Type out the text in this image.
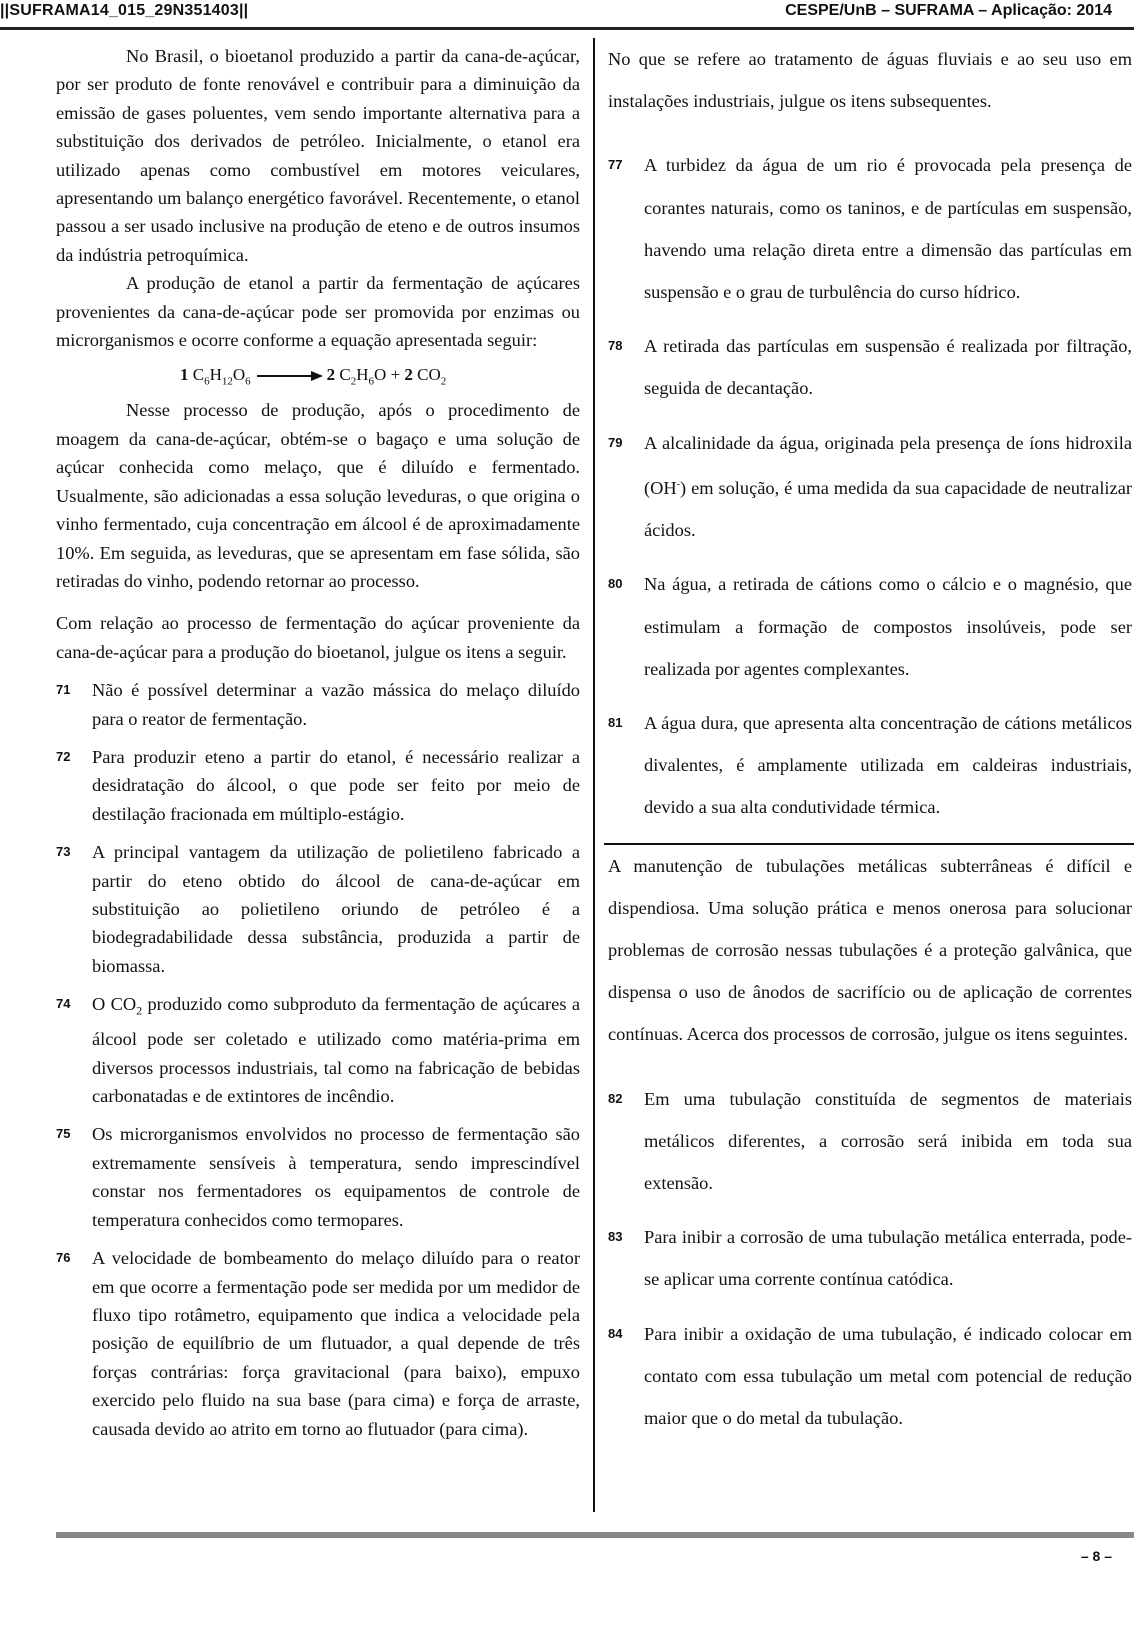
||SUFRAMA14_015_29N351403||	CESPE/UnB – SUFRAMA – Aplicação: 2014

No Brasil, o bioetanol produzido a partir da cana-de-açúcar, por ser produto de fonte renovável e contribuir para a diminuição da emissão de gases poluentes, vem sendo importante alternativa para a substituição dos derivados de petróleo. Inicialmente, o etanol era utilizado apenas como combustível em motores veiculares, apresentando um balanço energético favorável. Recentemente, o etanol passou a ser usado inclusive na produção de eteno e de outros insumos da indústria petroquímica.

A produção de etanol a partir da fermentação de açúcares provenientes da cana-de-açúcar pode ser promovida por enzimas ou microrganismos e ocorre conforme a equação apresentada seguir:

1 $C_6H_{12}O_6 \to 2$ $C_2H_6O + 2$ $CO_2$

Nesse processo de produção, após o procedimento de moagem da cana-de-açúcar, obtém-se o bagaço e uma solução de açúcar conhecida como melaço, que é diluído e fermentado. Usualmente, são adicionadas a essa solução leveduras, o que origina o vinho fermentado, cuja concentração em álcool é de aproximadamente 10%. Em seguida, as leveduras, que se apresentam em fase sólida, são retiradas do vinho, podendo retornar ao processo.

Com relação ao processo de fermentação do açúcar proveniente da cana-de-açúcar para a produção do bioetanol, julgue os itens a seguir.

71 Não é possível determinar a vazão mássica do melaço diluído para o reator de fermentação.
72 Para produzir eteno a partir do etanol, é necessário realizar a desidratação do álcool, o que pode ser feito por meio de destilação fracionada em múltiplo-estágio.
73 A principal vantagem da utilização de polietileno fabricado a partir do eteno obtido do álcool de cana-de-açúcar em substituição ao polietileno oriundo de petróleo é a biodegradabilidade dessa substância, produzida a partir de biomassa.
74 O $CO_2$ produzido como subproduto da fermentação de açúcares a álcool pode ser coletado e utilizado como matéria-prima em diversos processos industriais, tal como na fabricação de bebidas carbonatadas e de extintores de incêndio.
75 Os microrganismos envolvidos no processo de fermentação são extremamente sensíveis à temperatura, sendo imprescindível constar nos fermentadores os equipamentos de controle de temperatura conhecidos como termopares.
76 A velocidade de bombeamento do melaço diluído para o reator em que ocorre a fermentação pode ser medida por um medidor de fluxo tipo rotâmetro, equipamento que indica a velocidade pela posição de equilíbrio de um flutuador, a qual depende de três forças contrárias: força gravitacional (para baixo), empuxo exercido pelo fluido na sua base (para cima) e força de arraste, causada devido ao atrito em torno ao flutuador (para cima).

No que se refere ao tratamento de águas fluviais e ao seu uso em instalações industriais, julgue os itens subsequentes.

77 A turbidez da água de um rio é provocada pela presença de corantes naturais, como os taninos, e de partículas em suspensão, havendo uma relação direta entre a dimensão das partículas em suspensão e o grau de turbulência do curso hídrico.
78 A retirada das partículas em suspensão é realizada por filtração, seguida de decantação.
79 A alcalinidade da água, originada pela presença de íons hidroxila (OH-) em solução, é uma medida da sua capacidade de neutralizar ácidos.
80 Na água, a retirada de cátions como o cálcio e o magnésio, que estimulam a formação de compostos insolúveis, pode ser realizada por agentes complexantes.
81 A água dura, que apresenta alta concentração de cátions metálicos divalentes, é amplamente utilizada em caldeiras industriais, devido a sua alta condutividade térmica.

A manutenção de tubulações metálicas subterrâneas é difícil e dispendiosa. Uma solução prática e menos onerosa para solucionar problemas de corrosão nessas tubulações é a proteção galvânica, que dispensa o uso de ânodos de sacrifício ou de aplicação de correntes contínuas. Acerca dos processos de corrosão, julgue os itens seguintes.

82 Em uma tubulação constituída de segmentos de materiais metálicos diferentes, a corrosão será inibida em toda sua extensão.
83 Para inibir a corrosão de uma tubulação metálica enterrada, pode-se aplicar uma corrente contínua catódica.
84 Para inibir a oxidação de uma tubulação, é indicado colocar em contato com essa tubulação um metal com potencial de redução maior que o do metal da tubulação.
– 8 –
